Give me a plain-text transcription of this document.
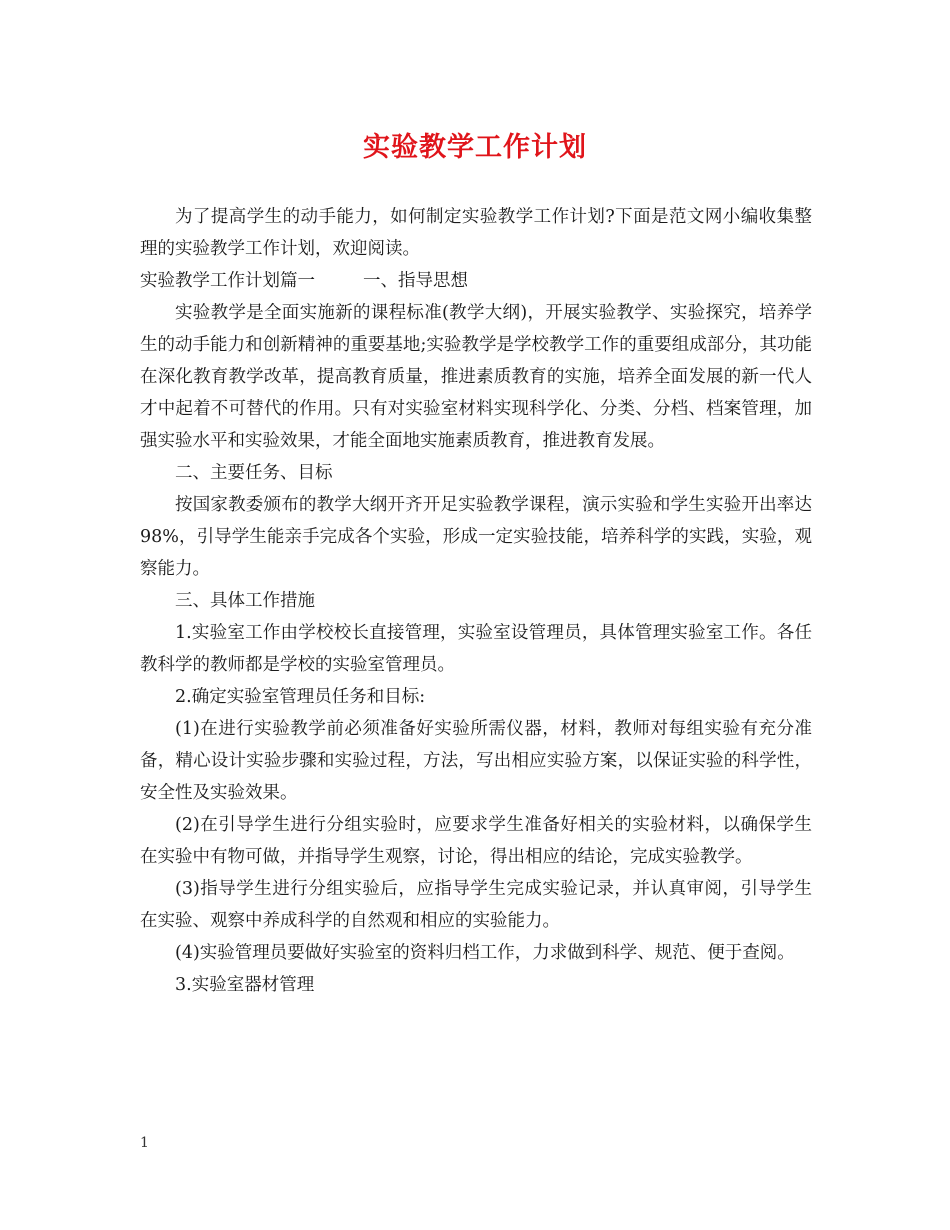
实验教学工作计划

为了提高学生的动手能力，如何制定实验教学工作计划?下面是范文网小编收集整理的实验教学工作计划，欢迎阅读。

实验教学工作计划篇一	一、指导思想

实验教学是全面实施新的课程标准(教学大纲)，开展实验教学、实验探究，培养学生的动手能力和创新精神的重要基地;实验教学是学校教学工作的重要组成部分，其功能在深化教育教学改革，提高教育质量，推进素质教育的实施，培养全面发展的新一代人才中起着不可替代的作用。只有对实验室材料实现科学化、分类、分档、档案管理，加强实验水平和实验效果，才能全面地实施素质教育，推进教育发展。

二、主要任务、目标

按国家教委颁布的教学大纲开齐开足实验教学课程，演示实验和学生实验开出率达98%，引导学生能亲手完成各个实验，形成一定实验技能，培养科学的实践，实验，观察能力。

三、具体工作措施

1.实验室工作由学校校长直接管理，实验室设管理员，具体管理实验室工作。各任教科学的教师都是学校的实验室管理员。

2.确定实验室管理员任务和目标:

(1)在进行实验教学前必须准备好实验所需仪器，材料，教师对每组实验有充分准备，精心设计实验步骤和实验过程，方法，写出相应实验方案，以保证实验的科学性，安全性及实验效果。

(2)在引导学生进行分组实验时，应要求学生准备好相关的实验材料，以确保学生在实验中有物可做，并指导学生观察，讨论，得出相应的结论，完成实验教学。

(3)指导学生进行分组实验后，应指导学生完成实验记录，并认真审阅，引导学生在实验、观察中养成科学的自然观和相应的实验能力。

(4)实验管理员要做好实验室的资料归档工作，力求做到科学、规范、便于查阅。

3.实验室器材管理

1
